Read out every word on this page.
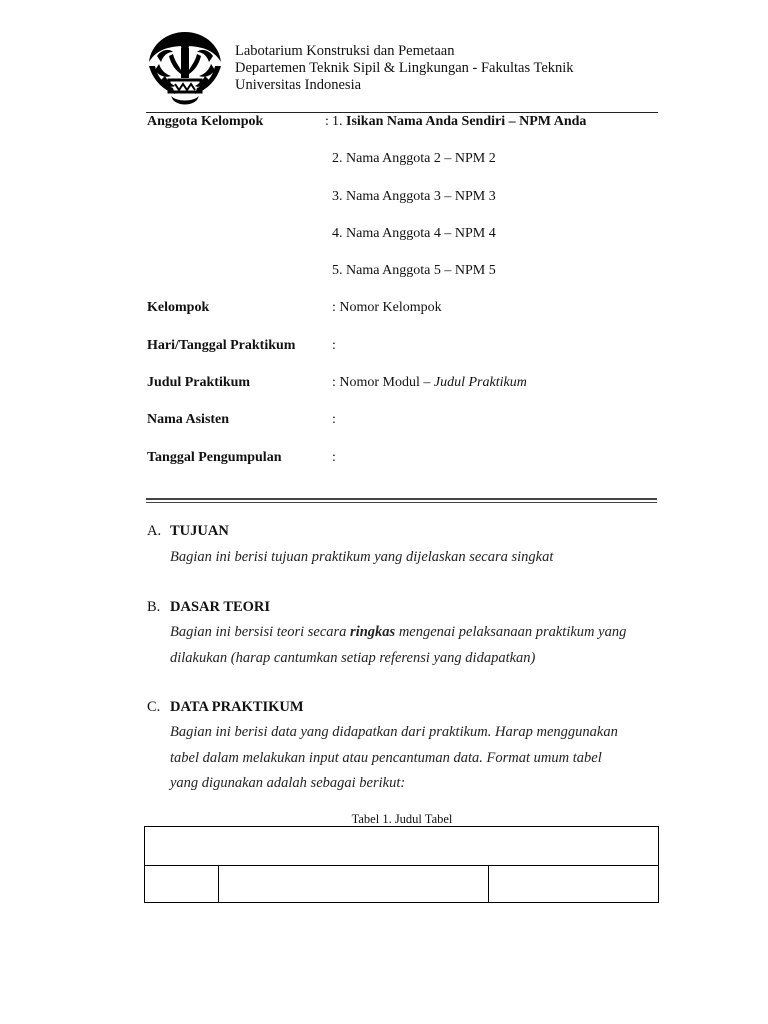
Labotarium Konstruksi dan Pemetaan
Departemen Teknik Sipil & Lingkungan - Fakultas Teknik
Universitas Indonesia
Anggota Kelompok	: 1. Isikan Nama Anda Sendiri – NPM Anda
2. Nama Anggota 2 – NPM 2
3. Nama Anggota 3 – NPM 3
4. Nama Anggota 4 – NPM 4
5. Nama Anggota 5 – NPM 5
Kelompok	: Nomor Kelompok
Hari/Tanggal Praktikum	:
Judul Praktikum	: Nomor Modul – Judul Praktikum
Nama Asisten	:
Tanggal Pengumpulan	:
A. TUJUAN
Bagian ini berisi tujuan praktikum yang dijelaskan secara singkat
B. DASAR TEORI
Bagian ini bersisi teori secara ringkas mengenai pelaksanaan praktikum yang
dilakukan (harap cantumkan setiap referensi yang didapatkan)
C. DATA PRAKTIKUM
Bagian ini berisi data yang didapatkan dari praktikum. Harap menggunakan
tabel dalam melakukan input atau pencantuman data. Format umum tabel
yang digunakan adalah sebagai berikut:
Tabel 1. Judul Tabel
